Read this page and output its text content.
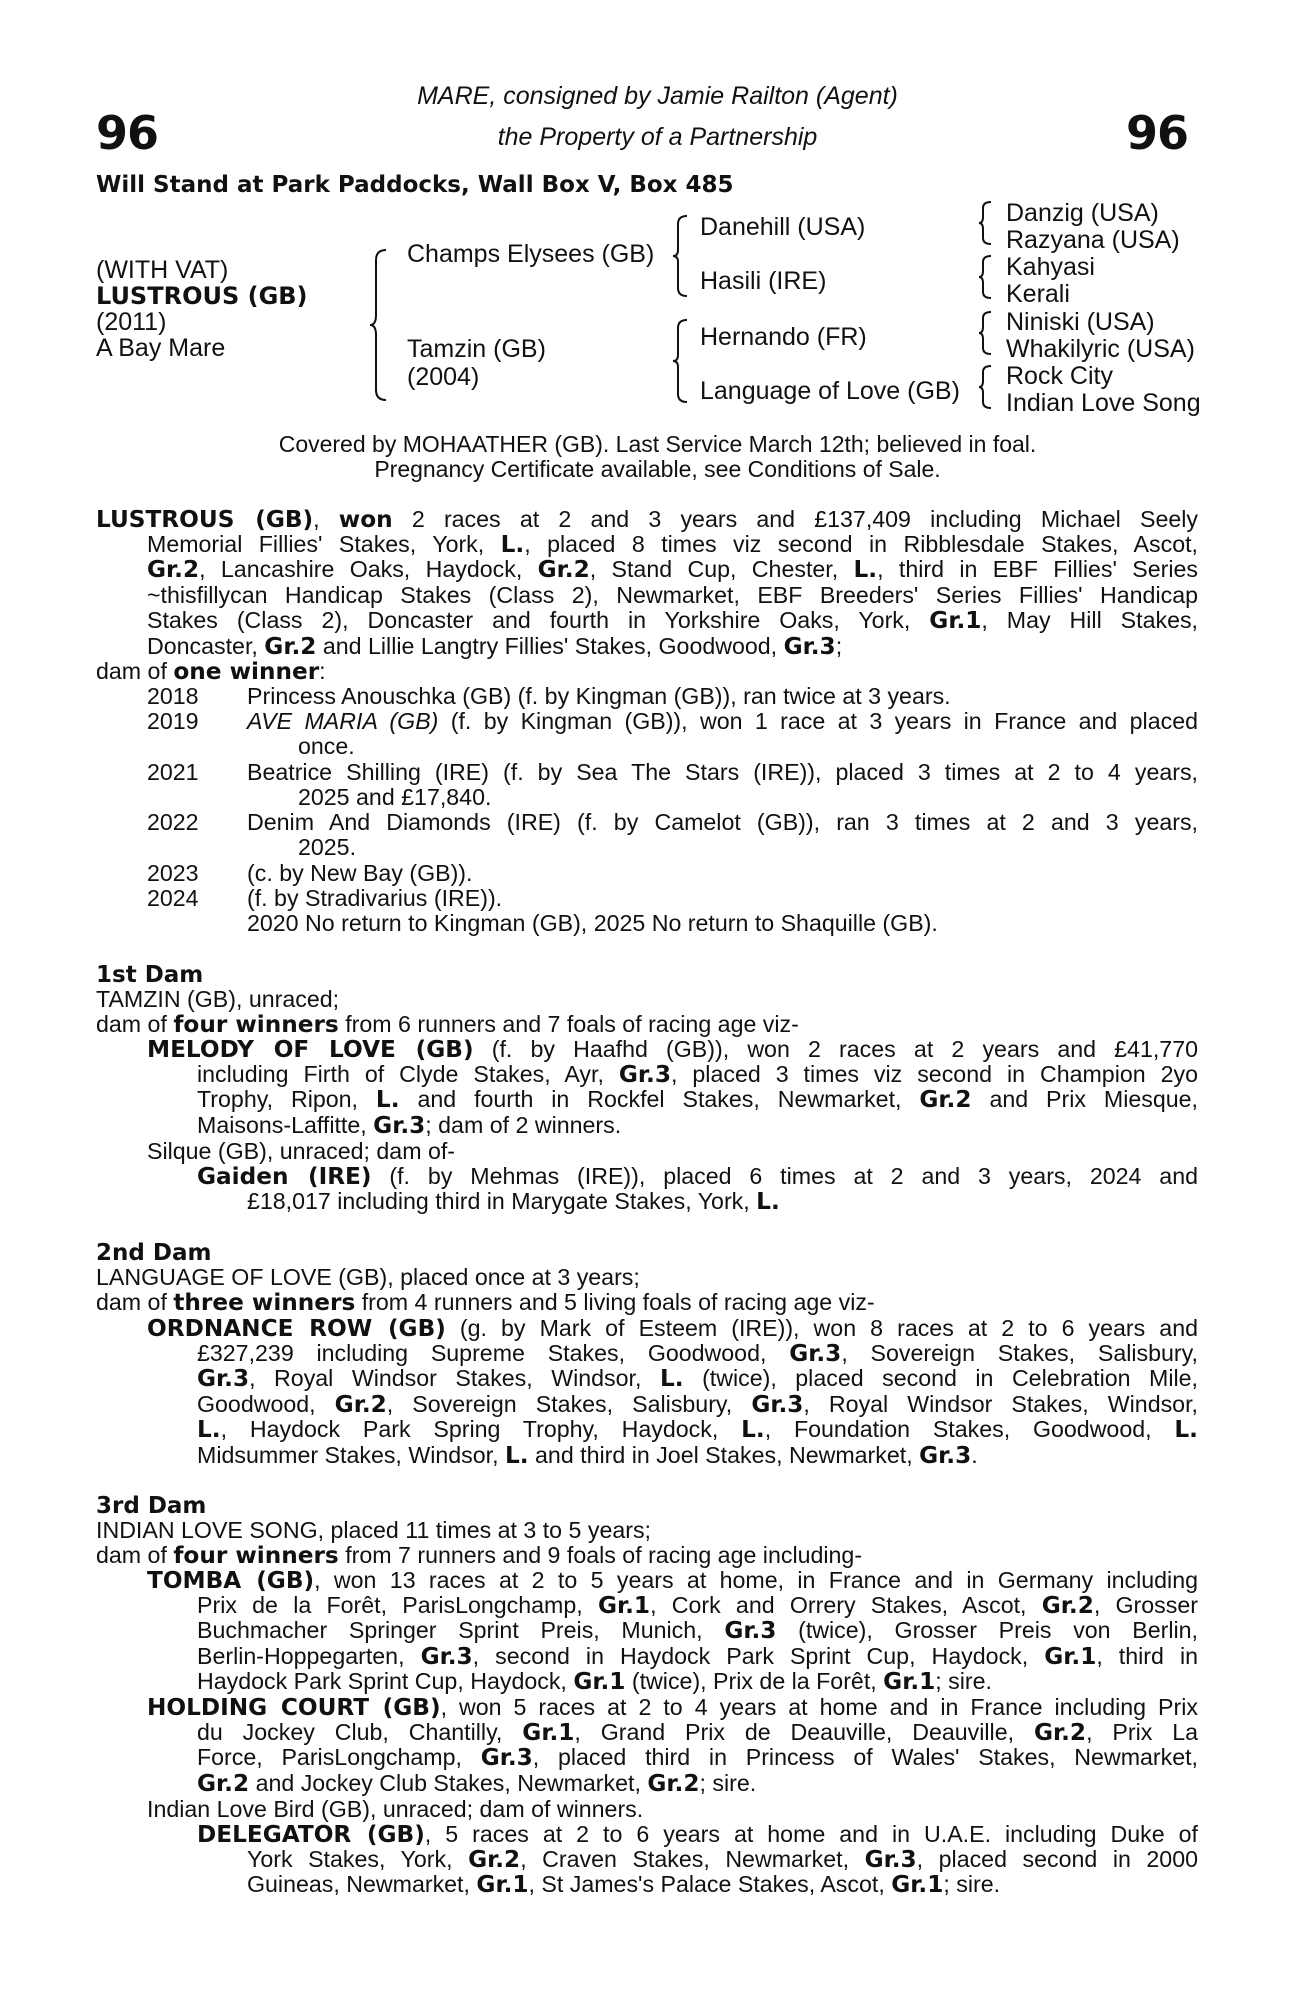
96	96
MARE, consigned by Jamie Railton (Agent)
the Property of a Partnership
Will Stand at Park Paddocks, Wall Box V, Box 485
(WITH VAT)
LUSTROUS (GB)
(2011)
A Bay Mare
Champs Elysees (GB)
Tamzin (GB)
(2004)
Danehill (USA)
Hasili (IRE)
Hernando (FR)
Language of Love (GB)
Danzig (USA)
Razyana (USA)
Kahyasi
Kerali
Niniski (USA)
Whakilyric (USA)
Rock City
Indian Love Song
Covered by MOHAATHER (GB). Last Service March 12th; believed in foal.
Pregnancy Certificate available, see Conditions of Sale.
LUSTROUS (GB), won 2 races at 2 and 3 years and £137,409 including Michael Seely
Memorial Fillies' Stakes, York, L., placed 8 times viz second in Ribblesdale Stakes, Ascot,
Gr.2, Lancashire Oaks, Haydock, Gr.2, Stand Cup, Chester, L., third in EBF Fillies' Series
~thisfillycan Handicap Stakes (Class 2), Newmarket, EBF Breeders' Series Fillies' Handicap
Stakes (Class 2), Doncaster and fourth in Yorkshire Oaks, York, Gr.1, May Hill Stakes,
Doncaster, Gr.2 and Lillie Langtry Fillies' Stakes, Goodwood, Gr.3;
dam of one winner:
2018 Princess Anouschka (GB) (f. by Kingman (GB)), ran twice at 3 years.
2019 AVE MARIA (GB) (f. by Kingman (GB)), won 1 race at 3 years in France and placed
once.
2021 Beatrice Shilling (IRE) (f. by Sea The Stars (IRE)), placed 3 times at 2 to 4 years,
2025 and £17,840.
2022 Denim And Diamonds (IRE) (f. by Camelot (GB)), ran 3 times at 2 and 3 years,
2025.
2023 (c. by New Bay (GB)).
2024 (f. by Stradivarius (IRE)).
2020 No return to Kingman (GB), 2025 No return to Shaquille (GB).
1st Dam
TAMZIN (GB), unraced;
dam of four winners from 6 runners and 7 foals of racing age viz-
MELODY OF LOVE (GB) (f. by Haafhd (GB)), won 2 races at 2 years and £41,770
including Firth of Clyde Stakes, Ayr, Gr.3, placed 3 times viz second in Champion 2yo
Trophy, Ripon, L. and fourth in Rockfel Stakes, Newmarket, Gr.2 and Prix Miesque,
Maisons-Laffitte, Gr.3; dam of 2 winners.
Silque (GB), unraced; dam of-
Gaiden (IRE) (f. by Mehmas (IRE)), placed 6 times at 2 and 3 years, 2024 and
£18,017 including third in Marygate Stakes, York, L.
2nd Dam
LANGUAGE OF LOVE (GB), placed once at 3 years;
dam of three winners from 4 runners and 5 living foals of racing age viz-
ORDNANCE ROW (GB) (g. by Mark of Esteem (IRE)), won 8 races at 2 to 6 years and
£327,239 including Supreme Stakes, Goodwood, Gr.3, Sovereign Stakes, Salisbury,
Gr.3, Royal Windsor Stakes, Windsor, L. (twice), placed second in Celebration Mile,
Goodwood, Gr.2, Sovereign Stakes, Salisbury, Gr.3, Royal Windsor Stakes, Windsor,
L., Haydock Park Spring Trophy, Haydock, L., Foundation Stakes, Goodwood, L.
Midsummer Stakes, Windsor, L. and third in Joel Stakes, Newmarket, Gr.3.
3rd Dam
INDIAN LOVE SONG, placed 11 times at 3 to 5 years;
dam of four winners from 7 runners and 9 foals of racing age including-
TOMBA (GB), won 13 races at 2 to 5 years at home, in France and in Germany including
Prix de la Forêt, ParisLongchamp, Gr.1, Cork and Orrery Stakes, Ascot, Gr.2, Grosser
Buchmacher Springer Sprint Preis, Munich, Gr.3 (twice), Grosser Preis von Berlin,
Berlin-Hoppegarten, Gr.3, second in Haydock Park Sprint Cup, Haydock, Gr.1, third in
Haydock Park Sprint Cup, Haydock, Gr.1 (twice), Prix de la Forêt, Gr.1; sire.
HOLDING COURT (GB), won 5 races at 2 to 4 years at home and in France including Prix
du Jockey Club, Chantilly, Gr.1, Grand Prix de Deauville, Deauville, Gr.2, Prix La
Force, ParisLongchamp, Gr.3, placed third in Princess of Wales' Stakes, Newmarket,
Gr.2 and Jockey Club Stakes, Newmarket, Gr.2; sire.
Indian Love Bird (GB), unraced; dam of winners.
DELEGATOR (GB), 5 races at 2 to 6 years at home and in U.A.E. including Duke of
York Stakes, York, Gr.2, Craven Stakes, Newmarket, Gr.3, placed second in 2000
Guineas, Newmarket, Gr.1, St James's Palace Stakes, Ascot, Gr.1; sire.
